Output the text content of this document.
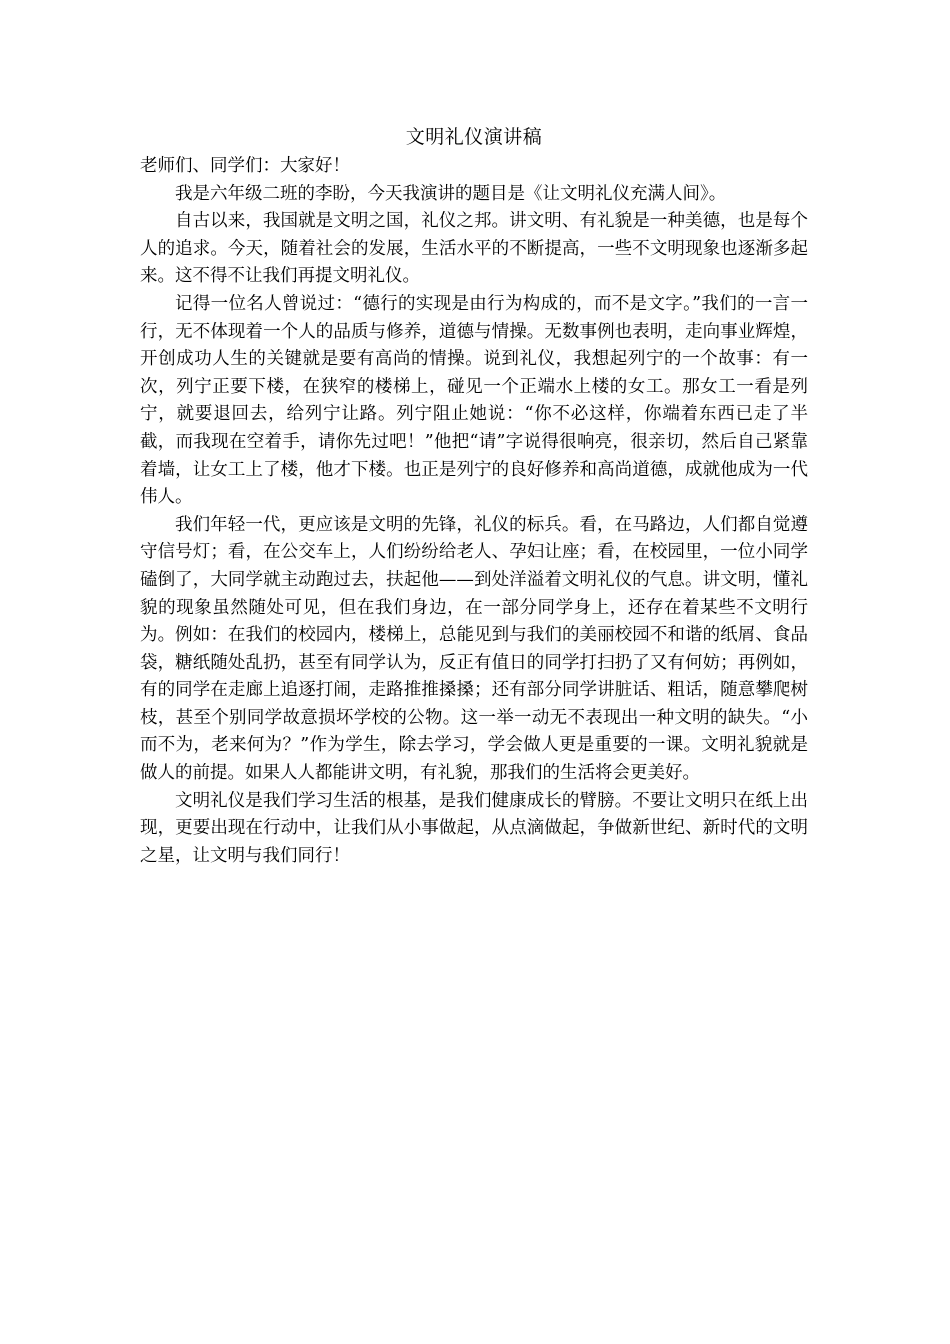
文明礼仪演讲稿

老师们、同学们：大家好！

我是六年级二班的李盼，今天我演讲的题目是《让文明礼仪充满人间》。

自古以来，我国就是文明之国，礼仪之邦。讲文明、有礼貌是一种美德，也是每个人的追求。今天，随着社会的发展，生活水平的不断提高，一些不文明现象也逐渐多起来。这不得不让我们再提文明礼仪。

记得一位名人曾说过：“德行的实现是由行为构成的，而不是文字。”我们的一言一行，无不体现着一个人的品质与修养，道德与情操。无数事例也表明，走向事业辉煌，开创成功人生的关键就是要有高尚的情操。说到礼仪，我想起列宁的一个故事：有一次，列宁正要下楼，在狭窄的楼梯上，碰见一个正端水上楼的女工。那女工一看是列宁，就要退回去，给列宁让路。列宁阻止她说：“你不必这样，你端着东西已走了半截，而我现在空着手，请你先过吧！”他把“请”字说得很响亮，很亲切，然后自己紧靠着墙，让女工上了楼，他才下楼。也正是列宁的良好修养和高尚道德，成就他成为一代伟人。

我们年轻一代，更应该是文明的先锋，礼仪的标兵。看，在马路边，人们都自觉遵守信号灯；看，在公交车上，人们纷纷给老人、孕妇让座；看，在校园里，一位小同学磕倒了，大同学就主动跑过去，扶起他——到处洋溢着文明礼仪的气息。讲文明，懂礼貌的现象虽然随处可见，但在我们身边，在一部分同学身上，还存在着某些不文明行为。例如：在我们的校园内，楼梯上，总能见到与我们的美丽校园不和谐的纸屑、食品袋，糖纸随处乱扔，甚至有同学认为，反正有值日的同学打扫扔了又有何妨；再例如，有的同学在走廊上追逐打闹，走路推推搡搡；还有部分同学讲脏话、粗话，随意攀爬树枝，甚至个别同学故意损坏学校的公物。这一举一动无不表现出一种文明的缺失。“小而不为，老来何为？”作为学生，除去学习，学会做人更是重要的一课。文明礼貌就是做人的前提。如果人人都能讲文明，有礼貌，那我们的生活将会更美好。

文明礼仪是我们学习生活的根基，是我们健康成长的臂膀。不要让文明只在纸上出现，更要出现在行动中，让我们从小事做起，从点滴做起，争做新世纪、新时代的文明之星，让文明与我们同行！
